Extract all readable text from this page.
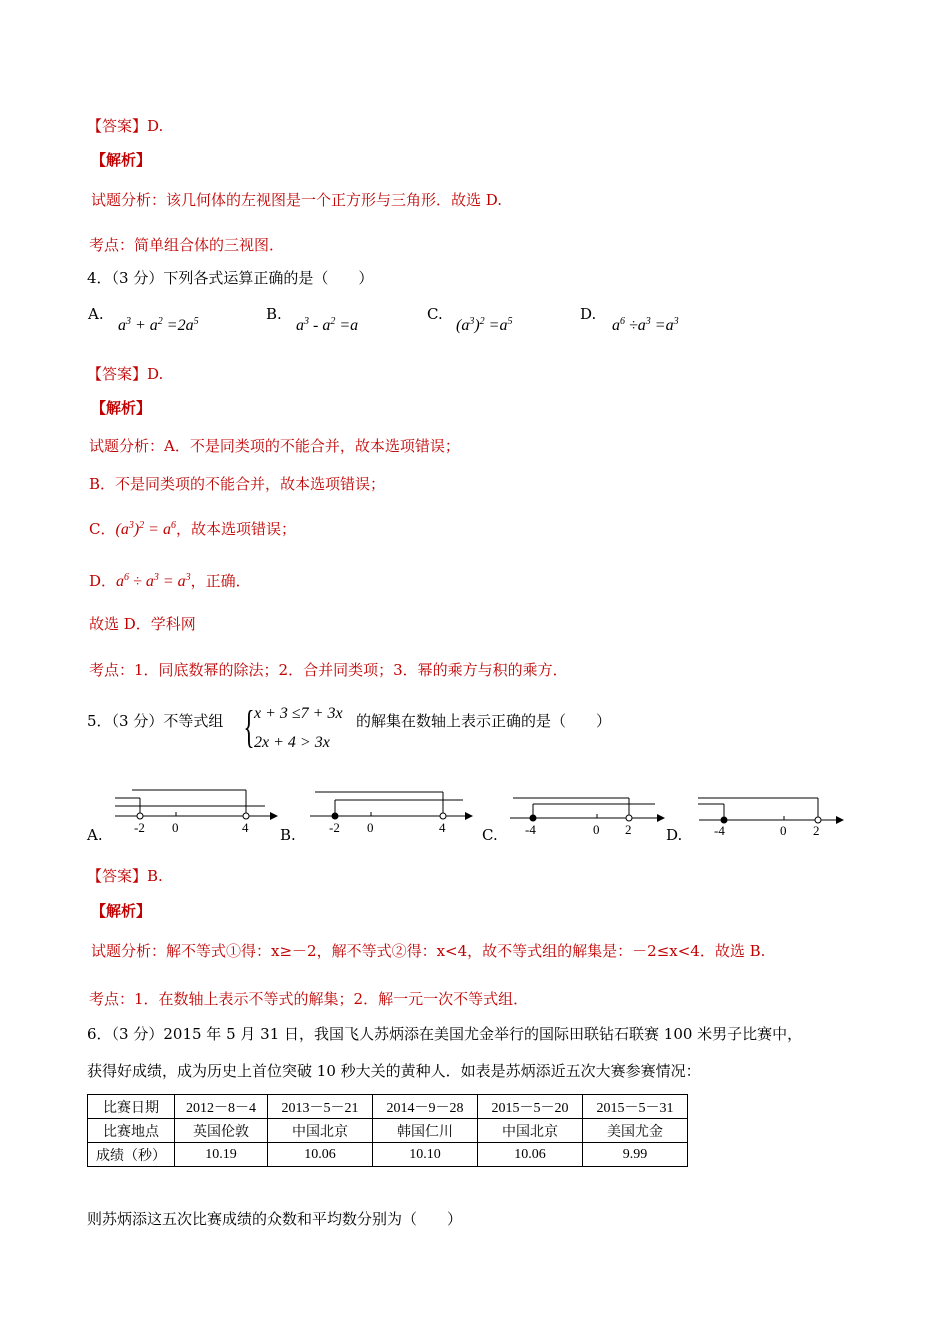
【答案】D.
【解析】
试题分析：该几何体的左视图是一个正方形与三角形．故选 D.
考点：简单组合体的三视图．
4．（3 分）下列各式运算正确的是（　　）
A.
$a^3 + a^2 =2a^5$	B.
$a^3 - a^2 =a$
C.
$(a^3)^2 =a^5$	D.
$a^6 \div a^3 =a^3$
【答案】D.
【解析】
试题分析：A．不是同类项的不能合并，故本选项错误；
B．不是同类项的不能合并，故本选项错误；
C．$(a^3)^2 = a^6$，故本选项错误；
D．$a^6 \div a^3 = a^3$，正确．
故选 D．学科网
考点：1．同底数幂的除法；2．合并同类项；3．幂的乘方与积的乘方．
5．（3 分）不等式组 { x + 3 ≤7 + 3x
2x + 4 > 3x
的解集在数轴上表示正确的是（　　）
A. -2 0	4 B.	-2 0	4 C. -4	0 2 D. -4	0 2
【答案】B.
【解析】
试题分析：解不等式①得：x≥－2，解不等式②得：x<4，故不等式组的解集是：－2≤x<4．故选 B.
考点：1．在数轴上表示不等式的解集；2．解一元一次不等式组．
6．（3 分）2015 年 5 月 31 日，我国飞人苏炳添在美国尤金举行的国际田联钻石联赛 100 米男子比赛中，
获得好成绩，成为历史上首位突破 10 秒大关的黄种人．如表是苏炳添近五次大赛参赛情况：
比赛日期	2012－8－4	2013－5－21	2014－9－28	2015－5－20	2015－5－31
比赛地点	英国伦敦	中国北京	韩国仁川	中国北京	美国尤金
成绩（秒）	10.19	10.06	10.10	10.06	9.99
则苏炳添这五次比赛成绩的众数和平均数分别为（　　）
